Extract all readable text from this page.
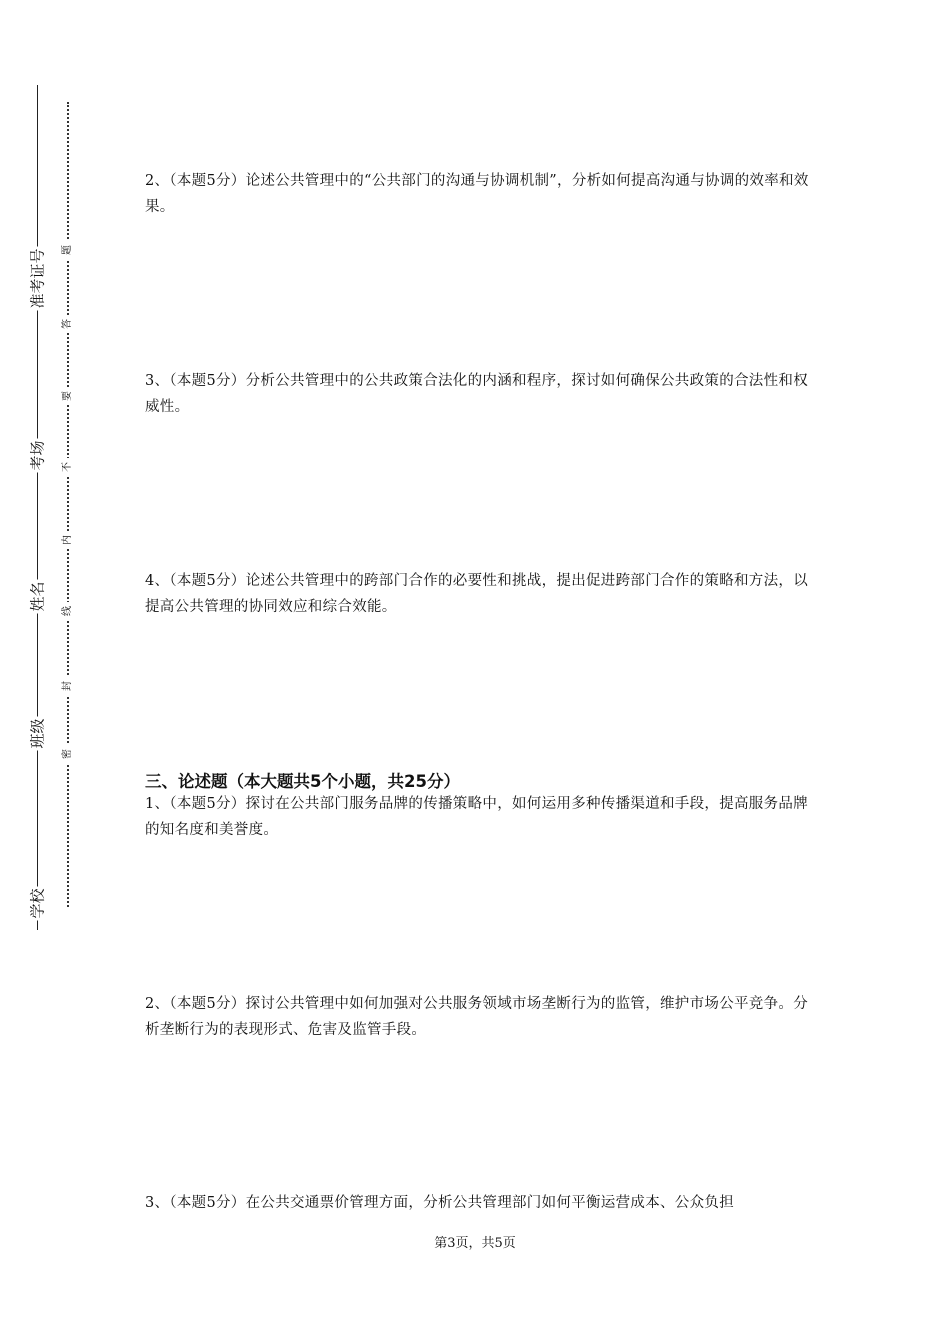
学校
班级
姓名
考场
准考证号
密
封
线
内
不
要
答
题
2、（本题5分）论述公共管理中的“公共部门的沟通与协调机制”，分析如何提高沟通与协调的效率和效果。
3、（本题5分）分析公共管理中的公共政策合法化的内涵和程序，探讨如何确保公共政策的合法性和权威性。
4、（本题5分）论述公共管理中的跨部门合作的必要性和挑战，提出促进跨部门合作的策略和方法，以提高公共管理的协同效应和综合效能。
三、论述题（本大题共5个小题，共25分）
1、（本题5分）探讨在公共部门服务品牌的传播策略中，如何运用多种传播渠道和手段，提高服务品牌的知名度和美誉度。
2、（本题5分）探讨公共管理中如何加强对公共服务领域市场垄断行为的监管，维护市场公平竞争。分析垄断行为的表现形式、危害及监管手段。
3、（本题5分）在公共交通票价管理方面，分析公共管理部门如何平衡运营成本、公众负担
第3页，共5页
